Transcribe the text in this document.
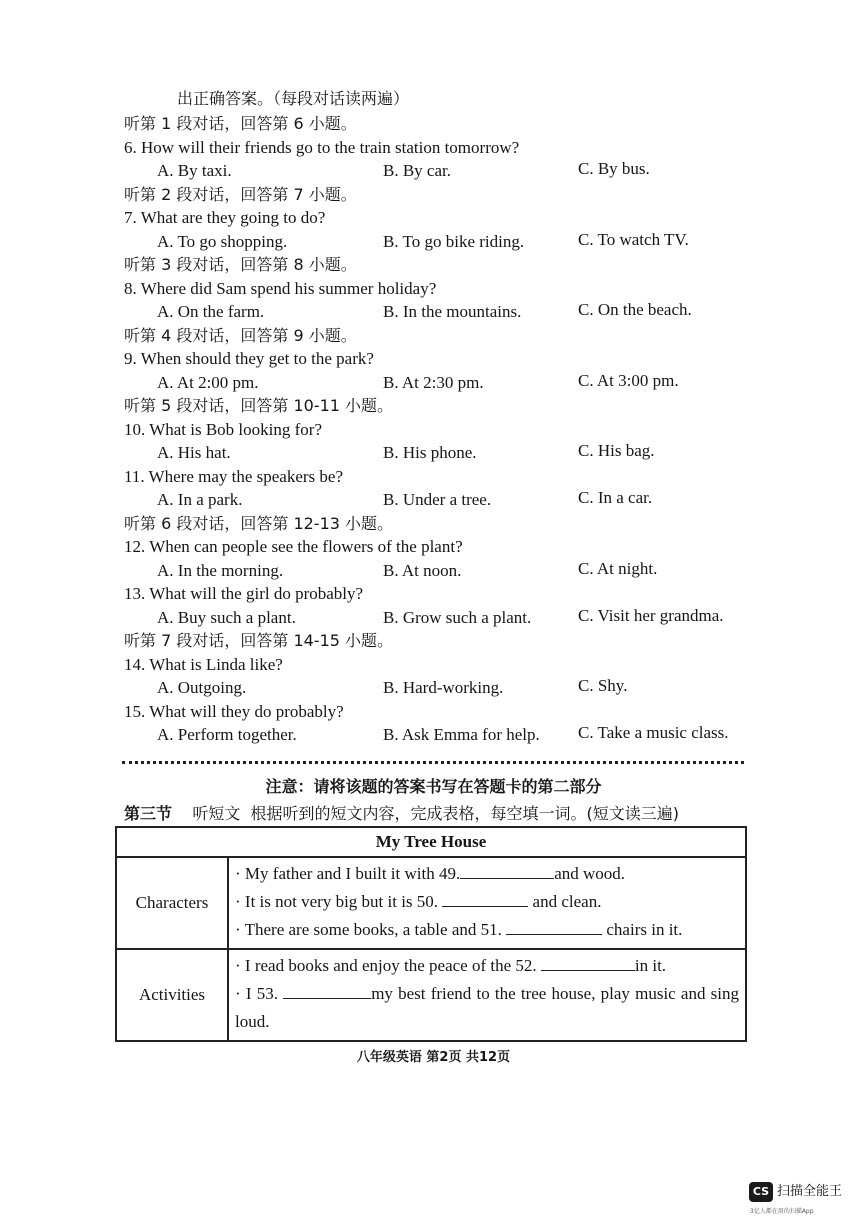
出正确答案。（每段对话读两遍）
听第 1 段对话，回答第 6 小题。
6. How will their friends go to the train station tomorrow?
A. By taxi.	B. By car.	C. By bus.
听第 2 段对话，回答第 7 小题。
7. What are they going to do?
A. To go shopping.	B. To go bike riding.	C. To watch TV.
听第 3 段对话，回答第 8 小题。
8. Where did Sam spend his summer holiday?
A. On the farm.	B. In the mountains.	C. On the beach.
听第 4 段对话，回答第 9 小题。
9. When should they get to the park?
A. At 2:00 pm.	B. At 2:30 pm.	C. At 3:00 pm.
听第 5 段对话，回答第 10-11 小题。
10. What is Bob looking for?
A. His hat.	B. His phone.	C. His bag.
11. Where may the speakers be?
A. In a park.	B. Under a tree.	C. In a car.
听第 6 段对话，回答第 12-13 小题。
12. When can people see the flowers of the plant?
A. In the morning.	B. At noon.	C. At night.
13. What will the girl do probably?
A. Buy such a plant.	B. Grow such a plant.	C. Visit her grandma.
听第 7 段对话，回答第 14-15 小题。
14. What is Linda like?
A. Outgoing.	B. Hard-working.	C. Shy.
15. What will they do probably?
A. Perform together.	B. Ask Emma for help. C. Take a music class.
注意：请将该题的答案书写在答题卡的第二部分
第三节 听短文 根据听到的短文内容，完成表格，每空填一词。(短文读三遍)
My Tree House	
Characters	· My father and I built it with 49. and wood.
· It is not very big but it is 50. and clean.
· There are some books, a table and 51. chairs in it.

Activities	· I read books and enjoy the peace of the 52. in it.
· I 53. my best friend to the tree house, play music and sing loud.
八年级英语 第2页 共12页
CS 扫描全能王
3亿人都在用的扫描App
